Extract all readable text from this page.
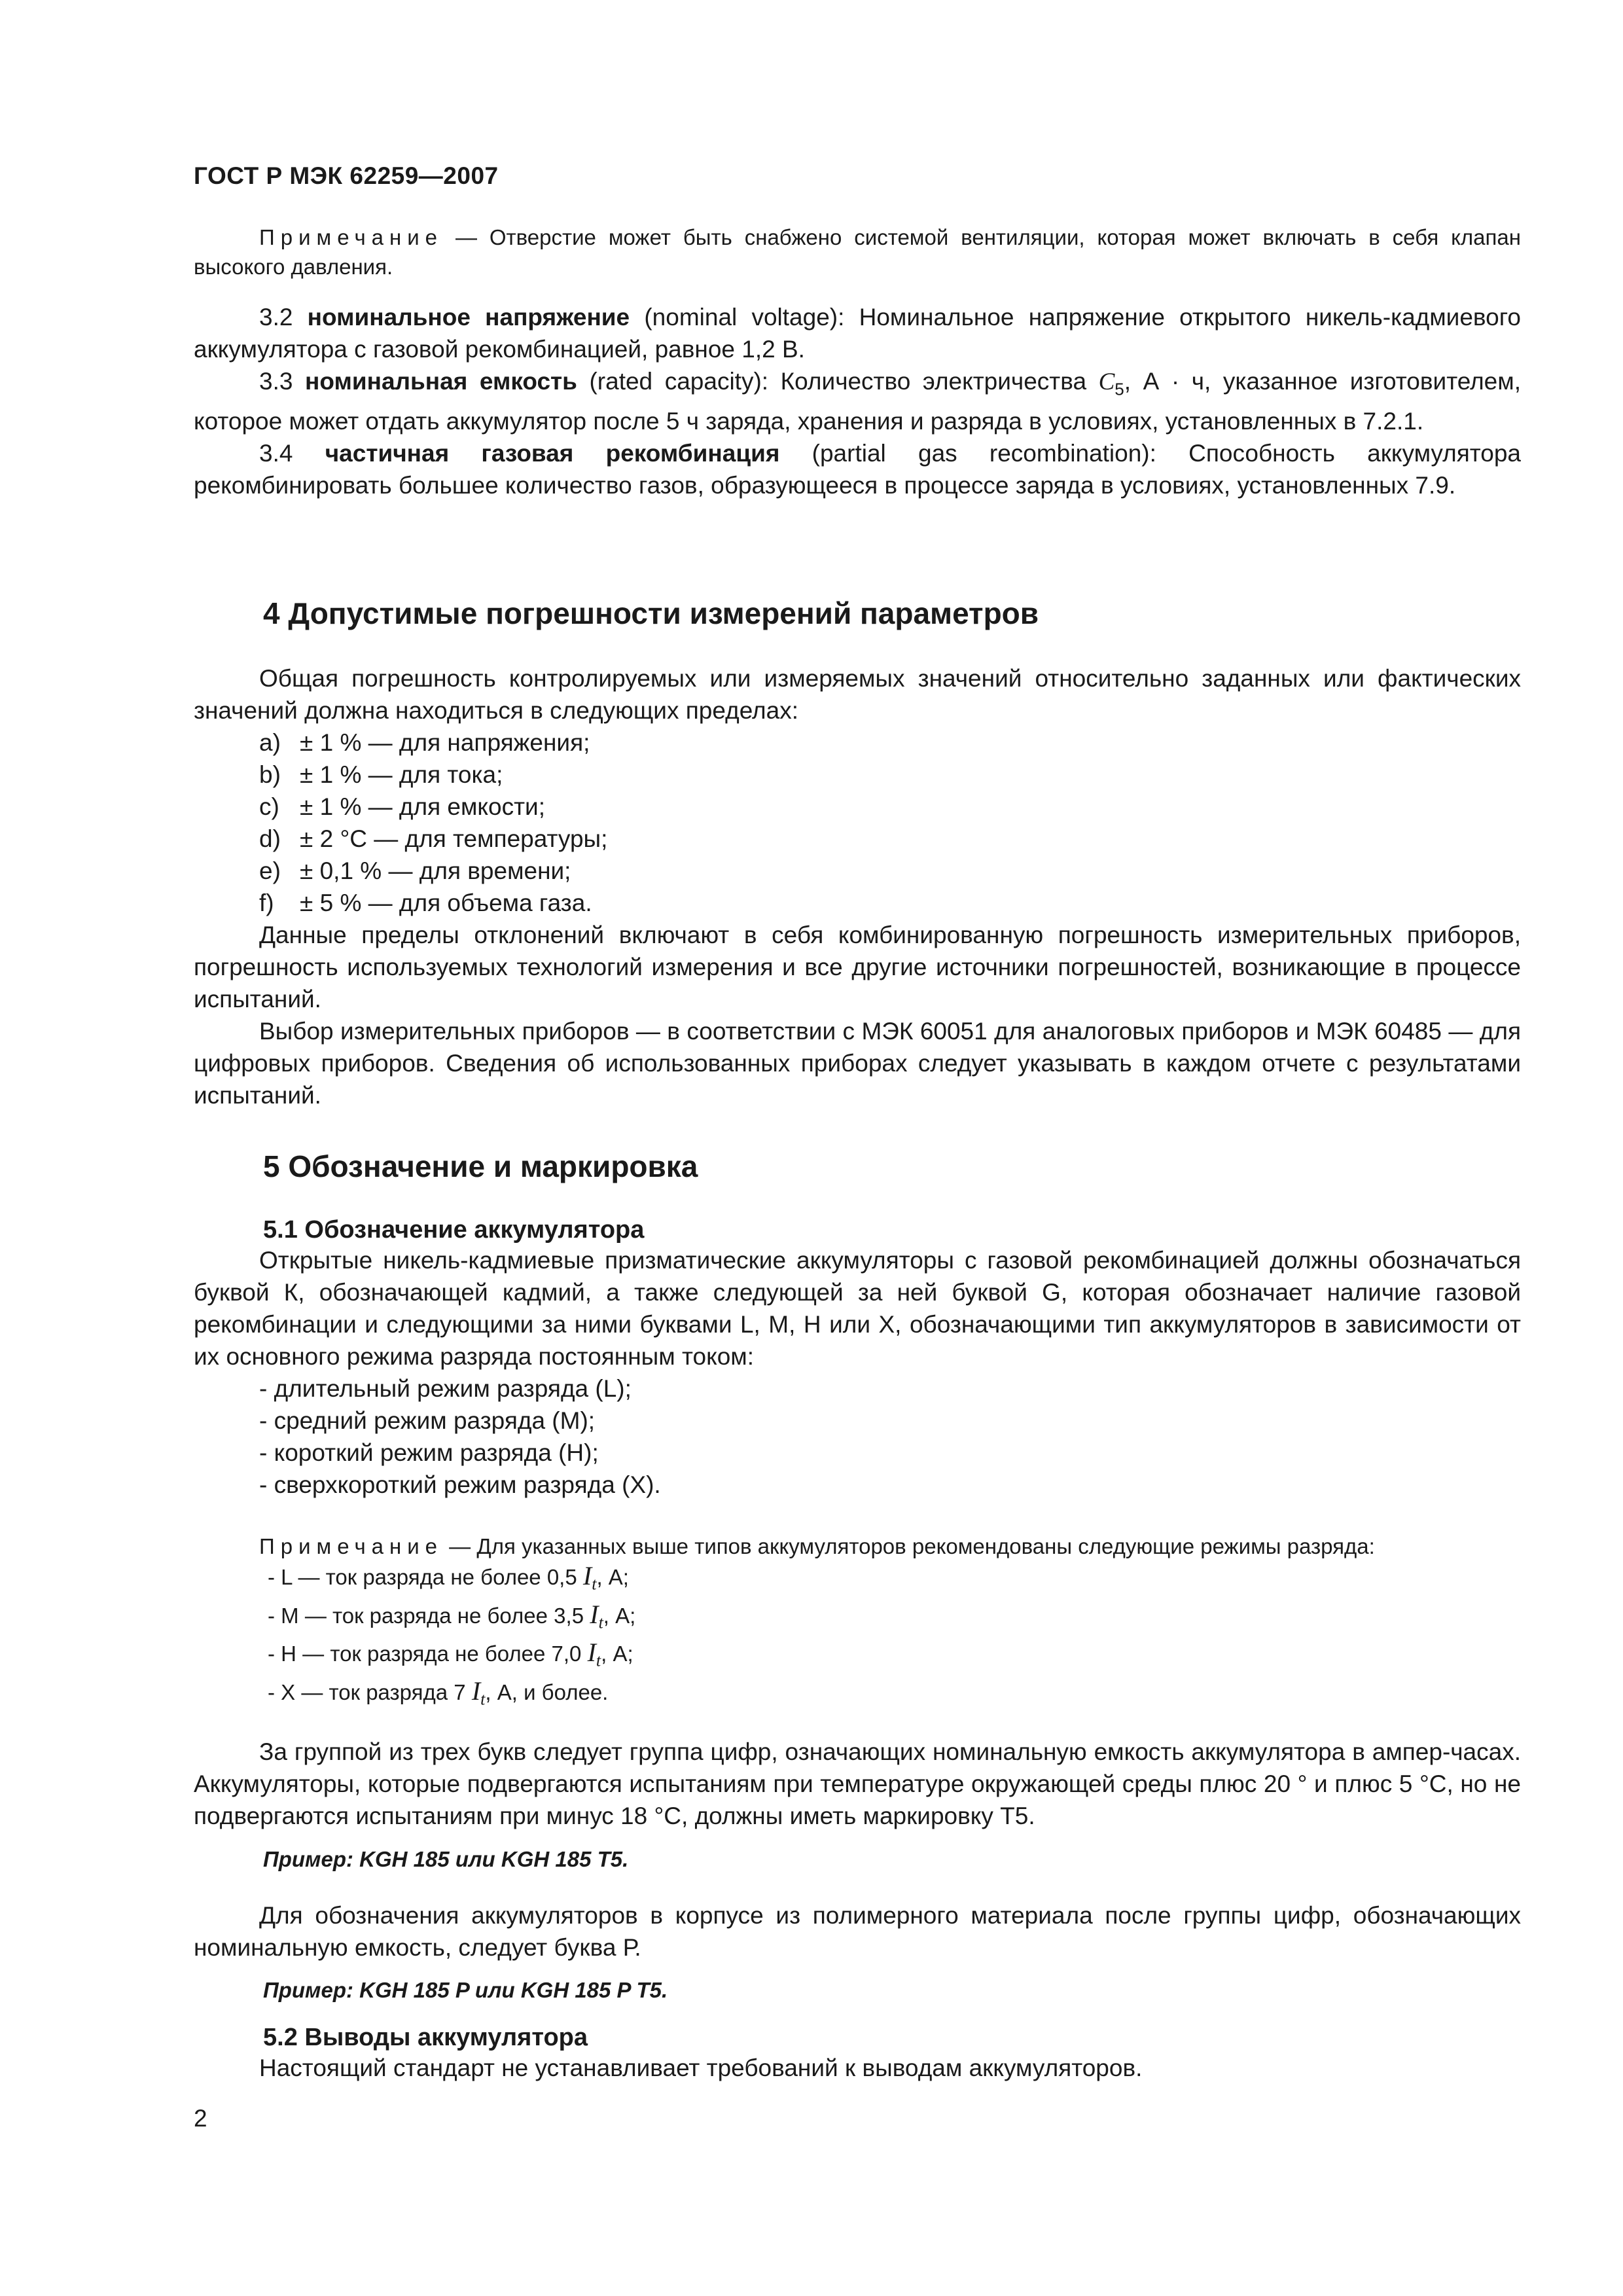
ГОСТ Р МЭК 62259—2007

Примечание — Отверстие может быть снабжено системой вентиляции, которая может включать в себя клапан высокого давления.

3.2 номинальное напряжение (nominal voltage): Номинальное напряжение открытого никель-кадмиевого аккумулятора с газовой рекомбинацией, равное 1,2 В.

3.3 номинальная емкость (rated capacity): Количество электричества $C_5$, А · ч, указанное изготовителем, которое может отдать аккумулятор после 5 ч заряда, хранения и разряда в условиях, установленных в 7.2.1.

3.4 частичная газовая рекомбинация (partial gas recombination): Способность аккумулятора рекомбинировать большее количество газов, образующееся в процессе заряда в условиях, установленных 7.9.

4 Допустимые погрешности измерений параметров

Общая погрешность контролируемых или измеряемых значений относительно заданных или фактических значений должна находиться в следующих пределах:

a) ± 1 % — для напряжения;
b) ± 1 % — для тока;
c) ± 1 % — для емкости;
d) ± 2 °C — для температуры;
e) ± 0,1 % — для времени;
f) ± 5 % — для объема газа.

Данные пределы отклонений включают в себя комбинированную погрешность измерительных приборов, погрешность используемых технологий измерения и все другие источники погрешностей, возникающие в процессе испытаний.

Выбор измерительных приборов — в соответствии с МЭК 60051 для аналоговых приборов и МЭК 60485 — для цифровых приборов. Сведения об использованных приборах следует указывать в каждом отчете с результатами испытаний.

5 Обозначение и маркировка
5.1 Обозначение аккумулятора

Открытые никель-кадмиевые призматические аккумуляторы с газовой рекомбинацией должны обозначаться буквой К, обозначающей кадмий, а также следующей за ней буквой G, которая обозначает наличие газовой рекомбинации и следующими за ними буквами L, M, H или X, обозначающими тип аккумуляторов в зависимости от их основного режима разряда постоянным током:

- длительный режим разряда (L);
- средний режим разряда (M);
- короткий режим разряда (H);
- сверхкороткий режим разряда (X).

Примечание — Для указанных выше типов аккумуляторов рекомендованы следующие режимы разряда:

- L — ток разряда не более 0,5 $I_t$, А;
- M — ток разряда не более 3,5 $I_t$, А;
- H — ток разряда не более 7,0 $I_t$, А;
- X — ток разряда 7 $I_t$, А, и более.

За группой из трех букв следует группа цифр, означающих номинальную емкость аккумулятора в ампер-часах. Аккумуляторы, которые подвергаются испытаниям при температуре окружающей среды плюс 20 ° и плюс 5 °С, но не подвергаются испытаниям при минус 18 °С, должны иметь маркировку Т5.

Пример: KGH 185 или KGH 185 T5.

Для обозначения аккумуляторов в корпусе из полимерного материала после группы цифр, обозначающих номинальную емкость, следует буква Р.

Пример: KGH 185 P или KGH 185 P T5.
5.2 Выводы аккумулятора

Настоящий стандарт не устанавливает требований к выводам аккумуляторов.

2
